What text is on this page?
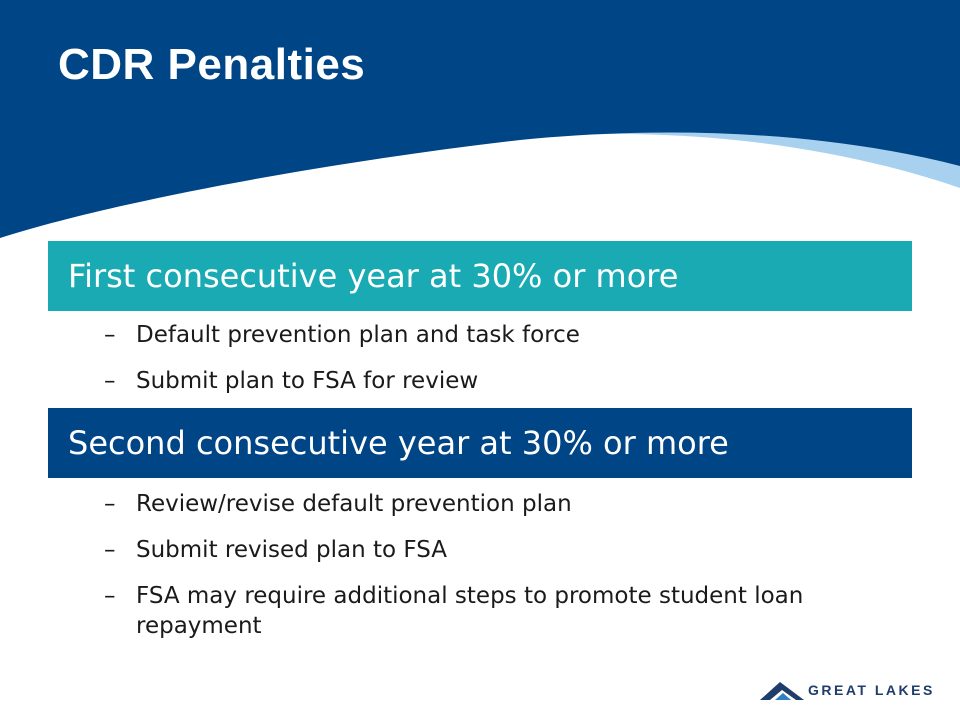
CDR Penalties
First consecutive year at 30% or more
– Default prevention plan and task force
– Submit plan to FSA for review
Second consecutive year at 30% or more
– Review/revise default prevention plan
– Submit revised plan to FSA
– FSA may require additional steps to promote student loan repayment
GREAT LAKES
